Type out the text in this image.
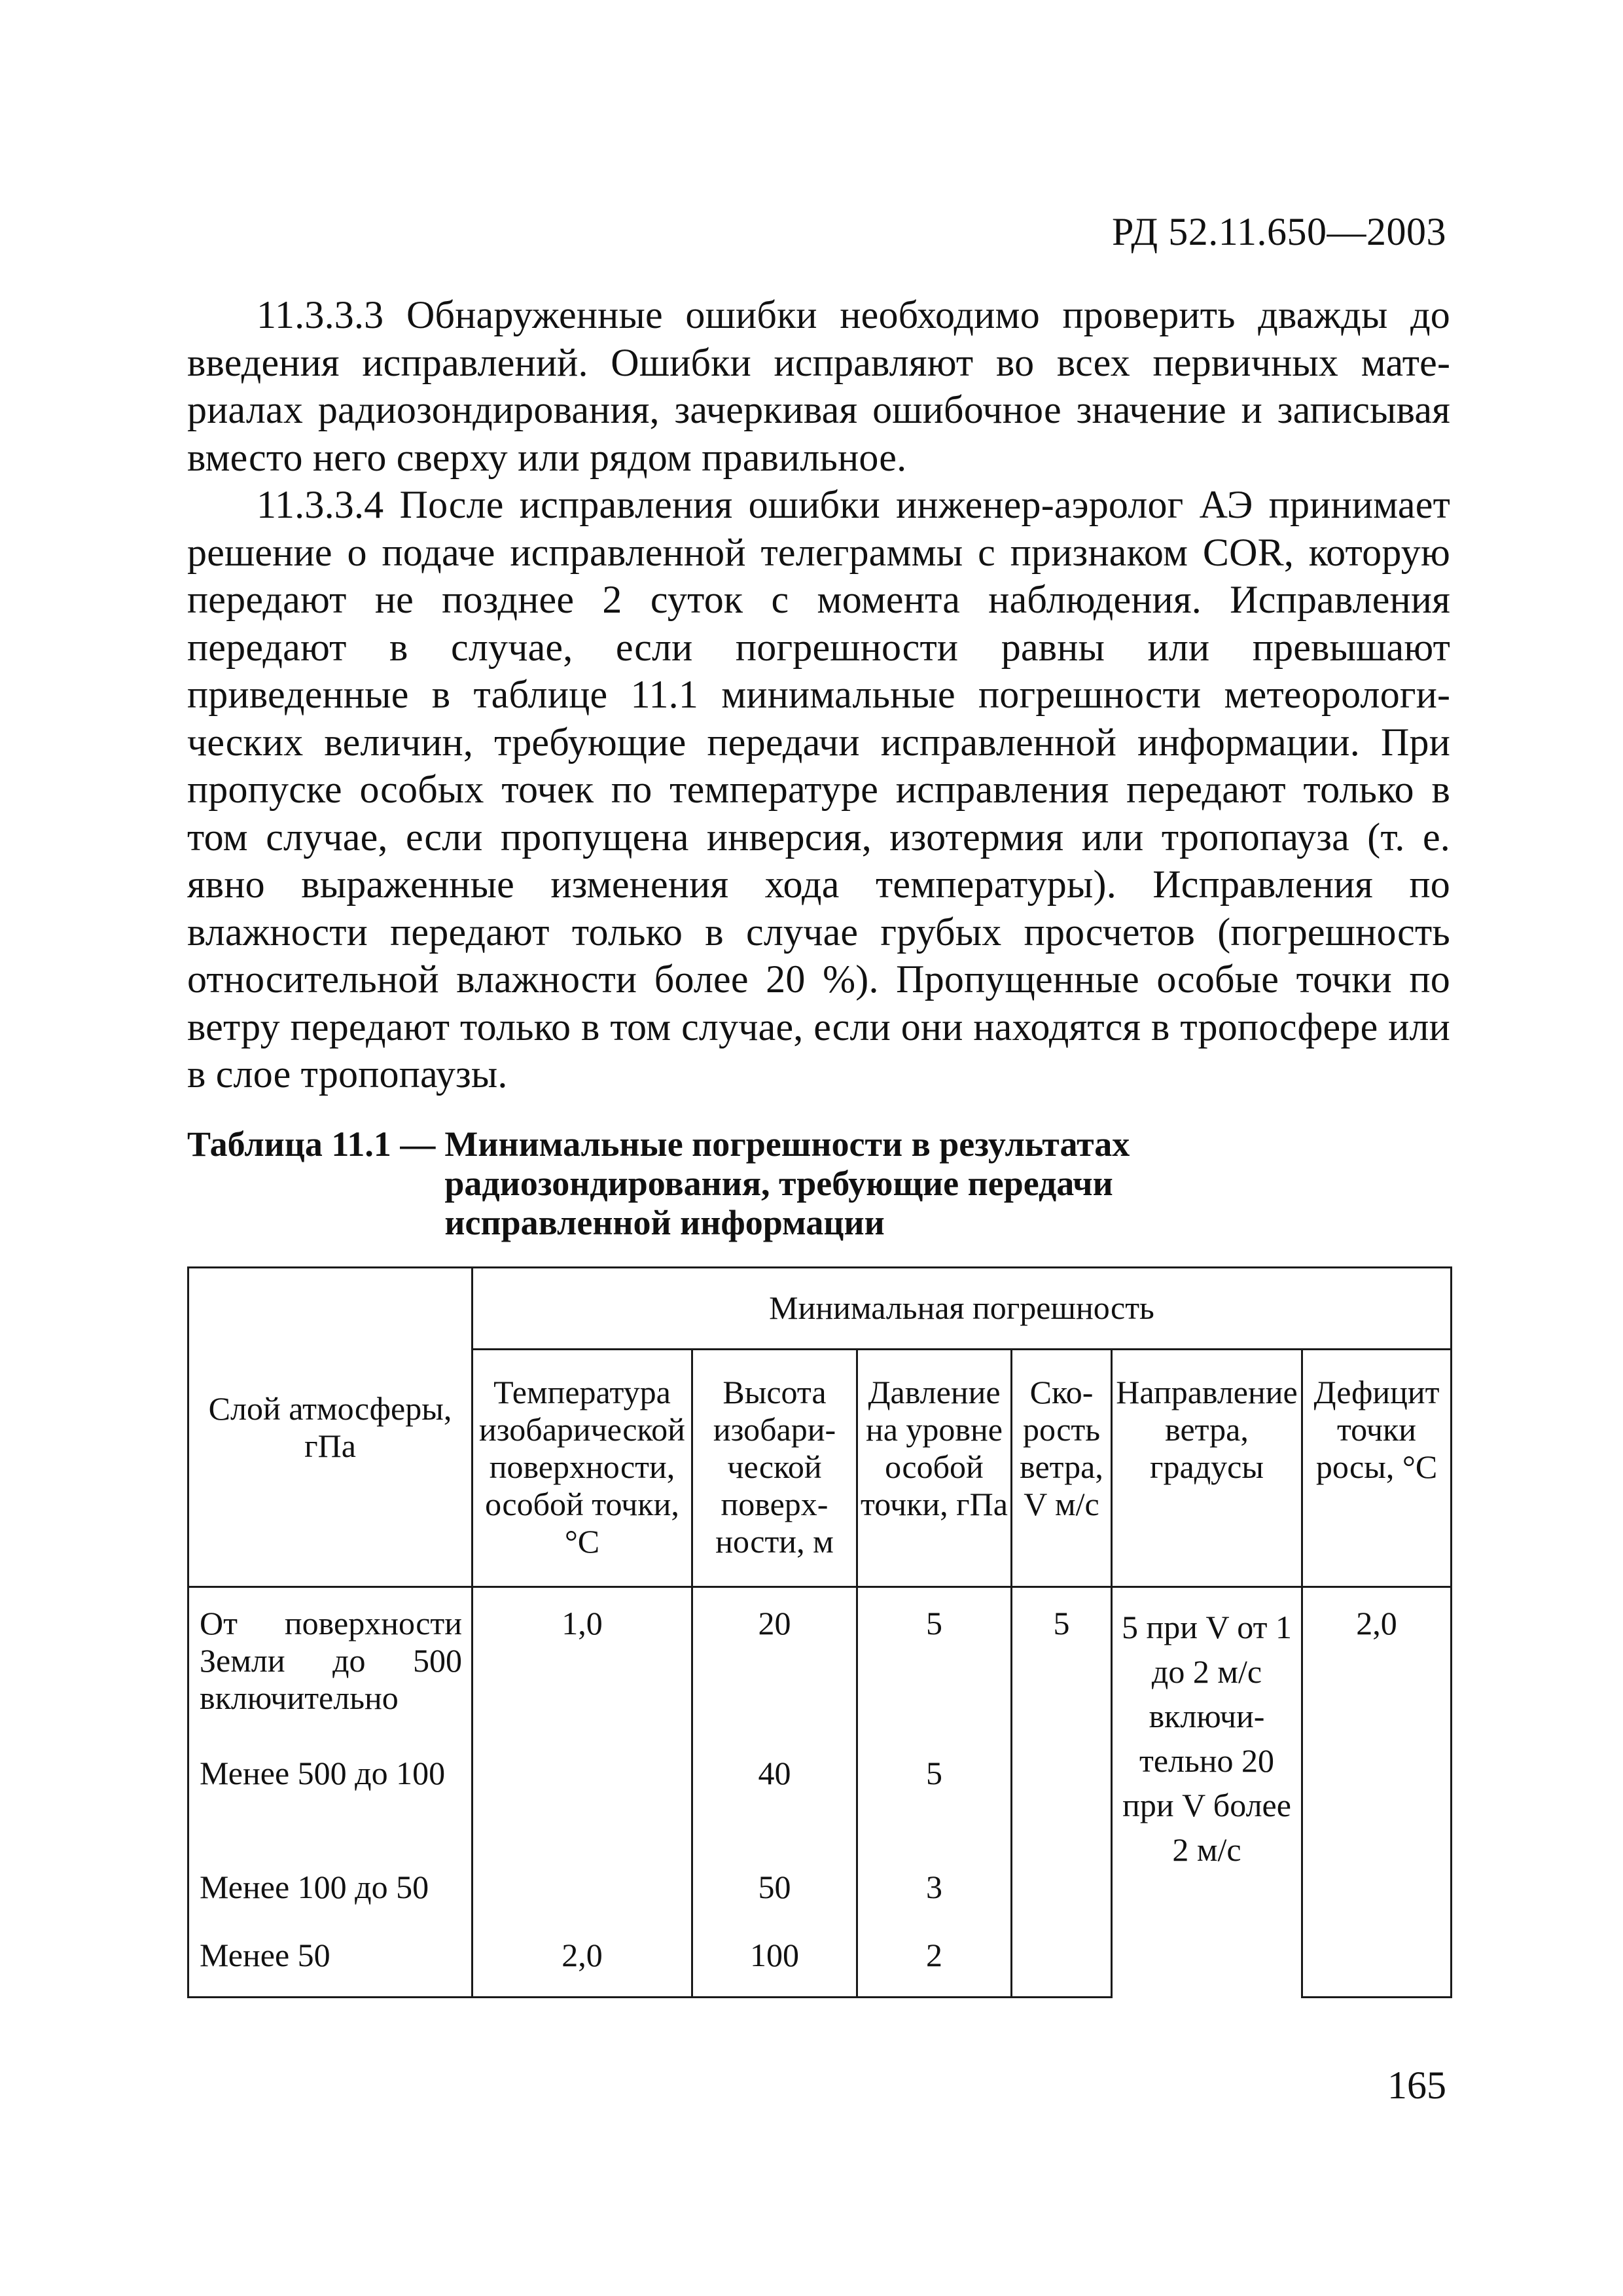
РД 52.11.650—2003

11.3.3.3 Обнаруженные ошибки необходимо проверить дважды до введения исправлений. Ошибки исправляют во всех первичных материалах радиозондирования, зачеркивая ошибочное значение и записывая вместо него сверху или рядом правильное.

11.3.3.4 После исправления ошибки инженер-аэролог АЭ принимает решение о подаче исправленной телеграммы с признаком COR, которую передают не позднее 2 суток с момента наблюдения. Исправления передают в случае, если погрешности равны или превышают приведенные в таблице 11.1 минимальные погрешности метеорологических величин, требующие передачи исправленной информации. При пропуске особых точек по температуре исправления передают только в том случае, если пропущена инверсия, изотермия или тропопауза (т. е. явно выраженные изменения хода температуры). Исправления по влажности передают только в случае грубых просчетов (погрешность относительной влажности более 20 %). Пропущенные особые точки по ветру передают только в том случае, если они находятся в тропосфере или в слое тропопаузы.

Таблица 11.1 — Минимальные погрешности в результатах радиозондирования, требующие передачи исправленной информации
Слой атмосферы, гПа	Минимальная погрешность					
	Температура изобарической поверхности, особой точки, °С	Высота изобарической поверхности, м	Давление на уровне особой точки, гПа	Скорость ветра, V м/с	Направление ветра, градусы	Дефицит точки росы, °С
От поверхности Земли до 500 включительно	1,0	20	5	5	5 при V от 1 до 2 м/с включительно 20 при V более 2 м/с	2,0
Менее 500 до 100		40	5			
Менее 100 до 50		50	3			
Менее 50	2,0	100	2			
165
